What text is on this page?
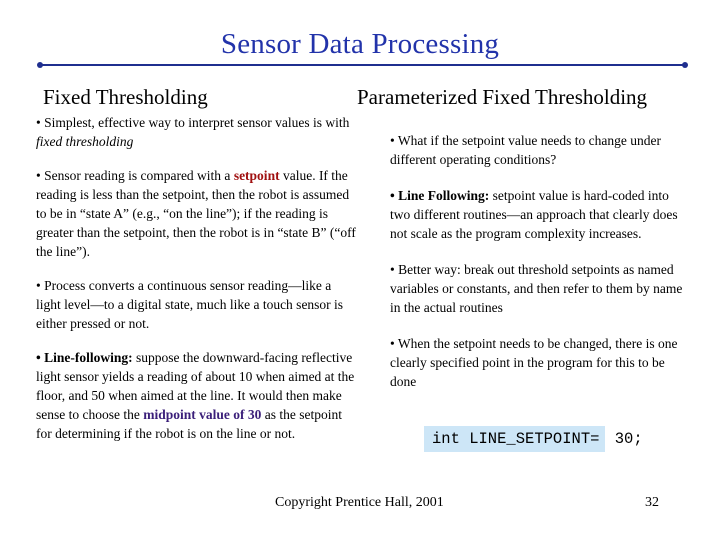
Sensor Data Processing
Fixed Thresholding	Parameterized Fixed Thresholding

• Simplest, effective way to interpret sensor values is with fixed thresholding

• Sensor reading is compared with a setpoint value. If the reading is less than the setpoint, then the robot is assumed to be in “state A” (e.g., “on the line”); if the reading is greater than the setpoint, then the robot is in “state B” (“off the line”).

• Process converts a continuous sensor reading—like a light level—to a digital state, much like a touch sensor is either pressed or not.

• Line-following: suppose the downward-facing reflective light sensor yields a reading of about 10 when aimed at the floor, and 50 when aimed at the line. It would then make sense to choose the midpoint value of 30 as the setpoint for determining if the robot is on the line or not.

• What if the setpoint value needs to change under different operating conditions?

• Line Following: setpoint value is hard-coded into two different routines—an approach that clearly does not scale as the program complexity increases.

• Better way: break out threshold setpoints as named variables or constants, and then refer to them by name in the actual routines

• When the setpoint needs to be changed, there is one clearly specified point in the program for this to be done

int LINE_SETPOINT= 30;
Copyright Prentice Hall, 2001	32
